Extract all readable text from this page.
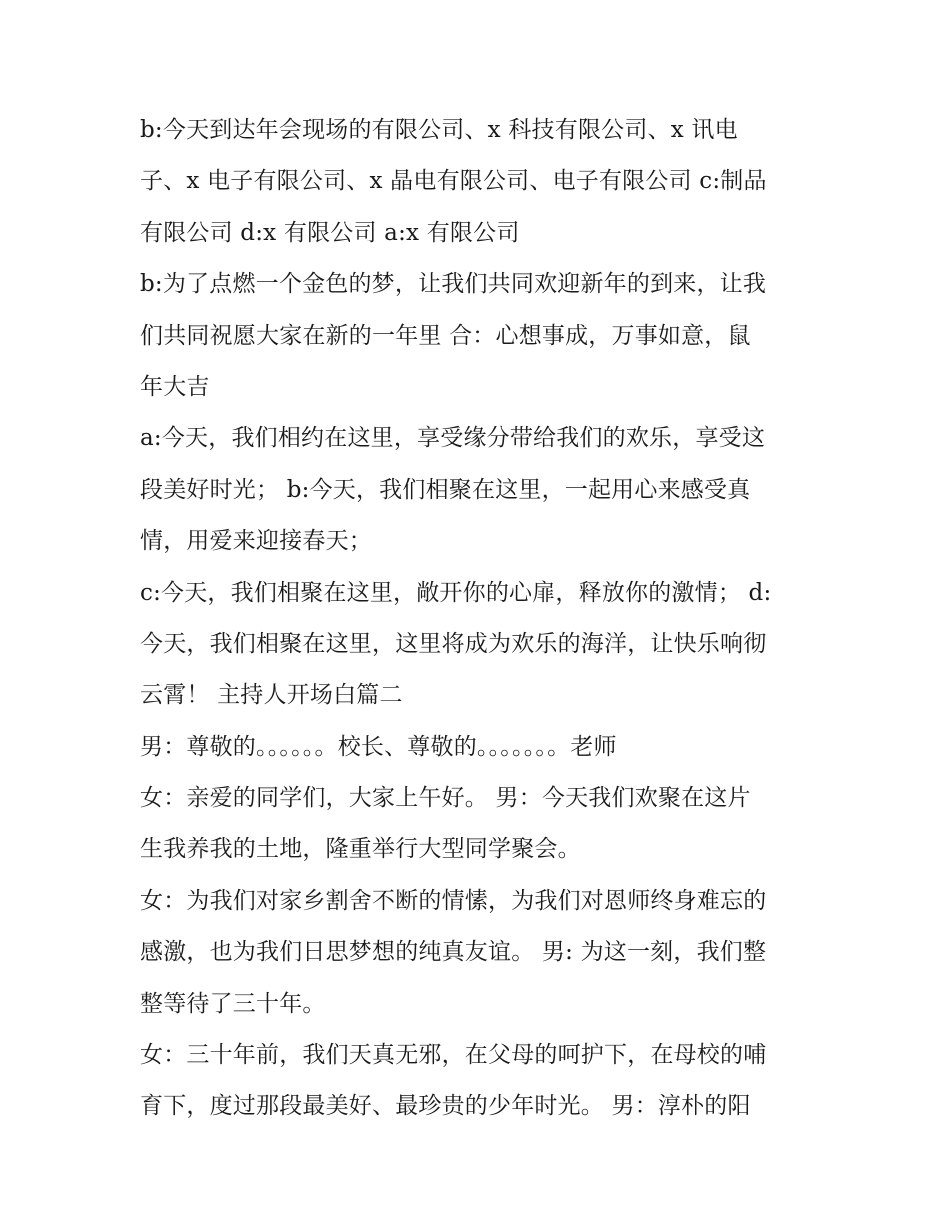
b:今天到达年会现场的有限公司、x 科技有限公司、x 讯电
子、x 电子有限公司、x 晶电有限公司、电子有限公司 c:制品
有限公司 d:x 有限公司 a:x 有限公司
b:为了点燃一个金色的梦，让我们共同欢迎新年的到来，让我
们共同祝愿大家在新的一年里 合：心想事成，万事如意，鼠
年大吉
a:今天，我们相约在这里，享受缘分带给我们的欢乐，享受这
段美好时光； b:今天，我们相聚在这里，一起用心来感受真
情，用爱来迎接春天；
c:今天，我们相聚在这里，敞开你的心扉，释放你的激情； d:
今天，我们相聚在这里，这里将成为欢乐的海洋，让快乐响彻
云霄！ 主持人开场白篇二
男：尊敬的。。。。。。校长、尊敬的。。。。。。。老师
女：亲爱的同学们，大家上午好。 男：今天我们欢聚在这片
生我养我的土地，隆重举行大型同学聚会。
女：为我们对家乡割舍不断的情愫，为我们对恩师终身难忘的
感激，也为我们日思梦想的纯真友谊。 男: 为这一刻，我们整
整等待了三十年。
女：三十年前，我们天真无邪，在父母的呵护下，在母校的哺
育下，度过那段最美好、最珍贵的少年时光。 男：淳朴的阳
